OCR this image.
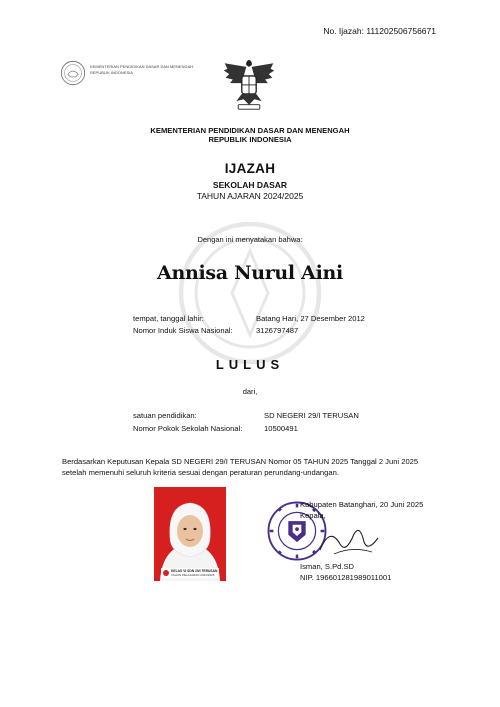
No. Ijazah: 111202506756671
KEMENTERIAN PENDIDIKAN DASAR DAN MENENGAH
REPUBLIK INDONESIA
KEMENTERIAN PENDIDIKAN DASAR DAN MENENGAH
REPUBLIK INDONESIA
IJAZAH
SEKOLAH DASAR
TAHUN AJARAN 2024/2025
Dengan ini menyatakan bahwa:
Annisa Nurul Aini
tempat, tanggal lahir:	Batang Hari, 27 Desember 2012
Nomor Induk Siswa Nasional:	3126797487
LULUS
dari,
satuan pendidikan:	SD NEGERI 29/I TERUSAN
Nomor Pokok Sekolah Nasional:	10500491
Berdasarkan Keputusan Kepala SD NEGERI 29/I TERUSAN Nomor 05 TAHUN 2025 Tanggal 2 Juni 2025 setelah memenuhi seluruh kriteria sesuai dengan peraturan perundang-undangan.
KELAS VI SDN 29/I TERUSAN
TAHUN PELAJARAN 2024/2025
Kabupaten Batanghari, 20 Juni 2025
Kepala,
Isman, S.Pd.SD
NIP. 196601281989011001
